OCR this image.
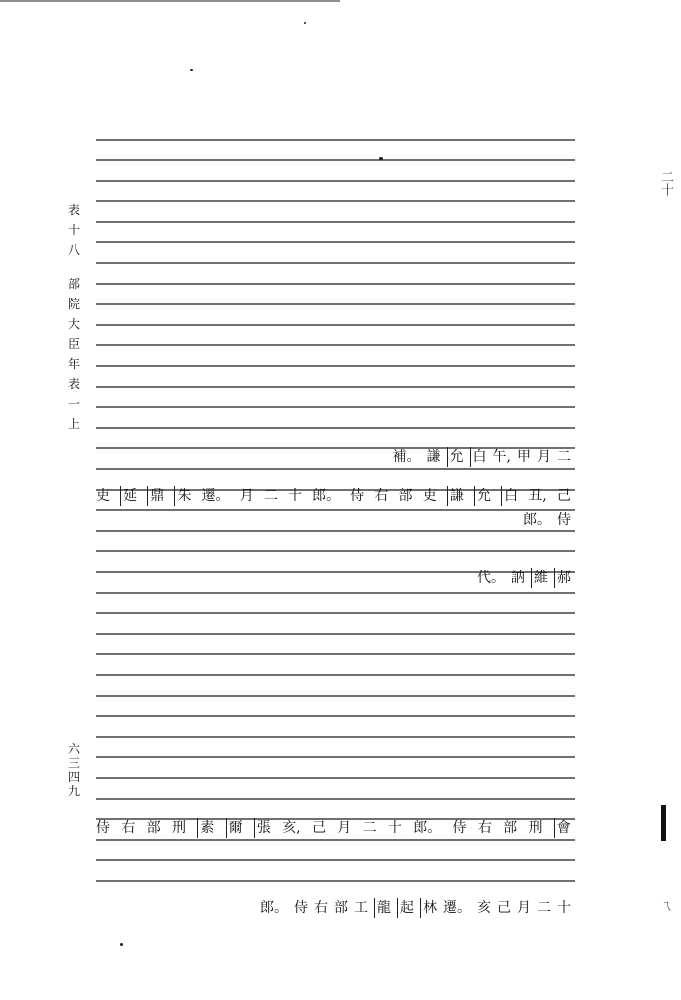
表
十
八
部
院
大
臣
年
表
一
上
六
三
四
九
二
月
甲
午,
白
允
謙
補。
己
丑,
白
允
謙
吏
部
右
侍
郎。
十
二
月
遷。
朱
鼎
延
吏
侍
郎。
郝
維
訥
代。
會
刑
部
右
侍
郎。
十
二
月
己
亥,
張
爾
素
刑
部
右
侍
十
二
月
己
亥
遷。
林
起
龍
工
部
右
侍
郎。
二十
ㄟ
